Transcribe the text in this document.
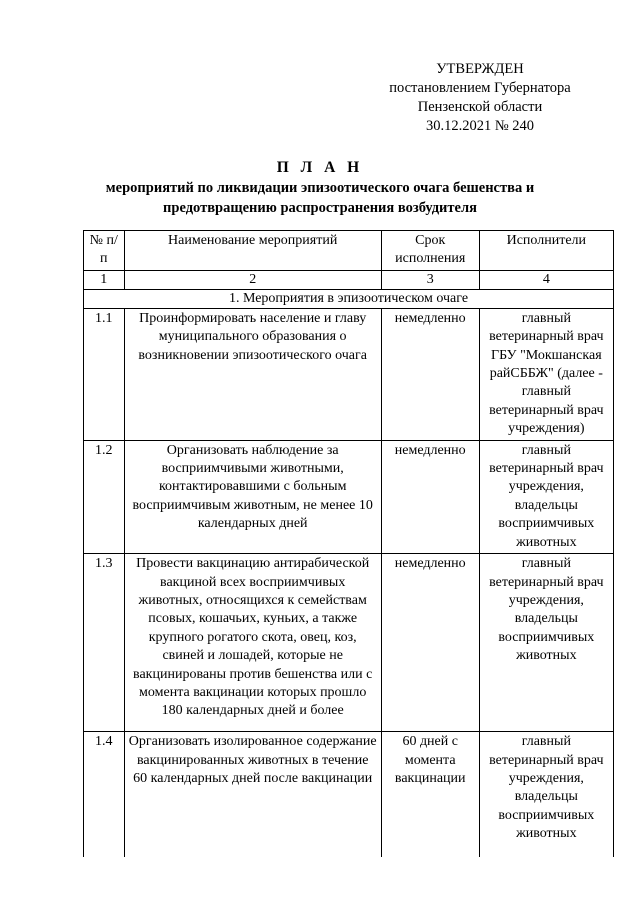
УТВЕРЖДЕН
постановлением Губернатора
Пензенской области
30.12.2021 № 240
П Л А Н
мероприятий по ликвидации эпизоотического очага бешенства и
предотвращению распространения возбудителя
№ п/п	Наименование мероприятий	Срок исполнения	Исполнители
1	2	3	4
1. Мероприятия в эпизоотическом очаге			
1.1	Проинформировать население и главу муниципального образования о возникновении эпизоотического очага	немедленно	главный ветеринарный врач ГБУ "Мокшанская райСББЖ" (далее - главный ветеринарный врач учреждения)
1.2	Организовать наблюдение за восприимчивыми животными, контактировавшими с больным восприимчивым животным, не менее 10 календарных дней	немедленно	главный ветеринарный врач учреждения, владельцы восприимчивых животных
1.3	Провести вакцинацию антирабической вакциной всех восприимчивых животных, относящихся к семействам псовых, кошачьих, куньих, а также крупного рогатого скота, овец, коз, свиней и лошадей, которые не вакцинированы против бешенства или с момента вакцинации которых прошло 180 календарных дней и более	немедленно	главный ветеринарный врач учреждения, владельцы восприимчивых животных
1.4	Организовать изолированное содержание вакцинированных животных в течение 60 календарных дней после вакцинации	60 дней с момента вакцинации	главный ветеринарный врач учреждения, владельцы восприимчивых животных
